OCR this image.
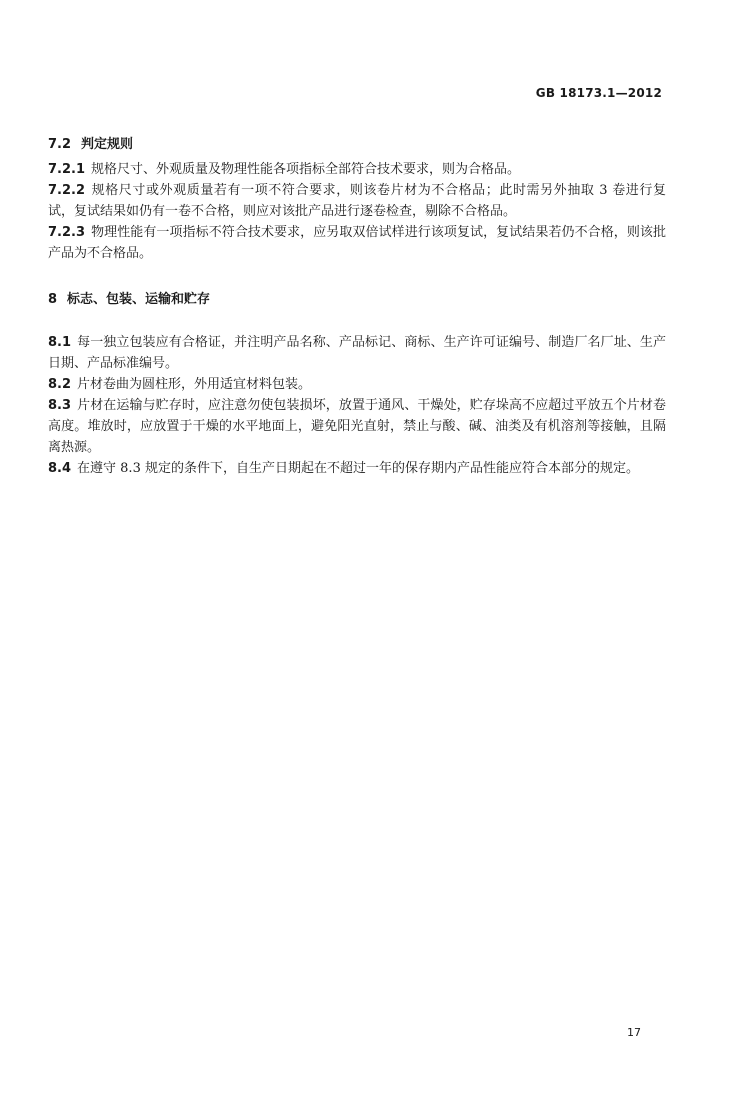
GB 18173.1—2012

7.2 判定规则

7.2.1 规格尺寸、外观质量及物理性能各项指标全部符合技术要求，则为合格品。

7.2.2 规格尺寸或外观质量若有一项不符合要求，则该卷片材为不合格品；此时需另外抽取 3 卷进行复试，复试结果如仍有一卷不合格，则应对该批产品进行逐卷检查，剔除不合格品。

7.2.3 物理性能有一项指标不符合技术要求，应另取双倍试样进行该项复试，复试结果若仍不合格，则该批产品为不合格品。

8 标志、包装、运输和贮存

8.1 每一独立包装应有合格证，并注明产品名称、产品标记、商标、生产许可证编号、制造厂名厂址、生产日期、产品标准编号。

8.2 片材卷曲为圆柱形，外用适宜材料包装。

8.3 片材在运输与贮存时，应注意勿使包装损坏，放置于通风、干燥处，贮存垛高不应超过平放五个片材卷高度。堆放时，应放置于干燥的水平地面上，避免阳光直射，禁止与酸、碱、油类及有机溶剂等接触，且隔离热源。

8.4 在遵守 8.3 规定的条件下，自生产日期起在不超过一年的保存期内产品性能应符合本部分的规定。

17
